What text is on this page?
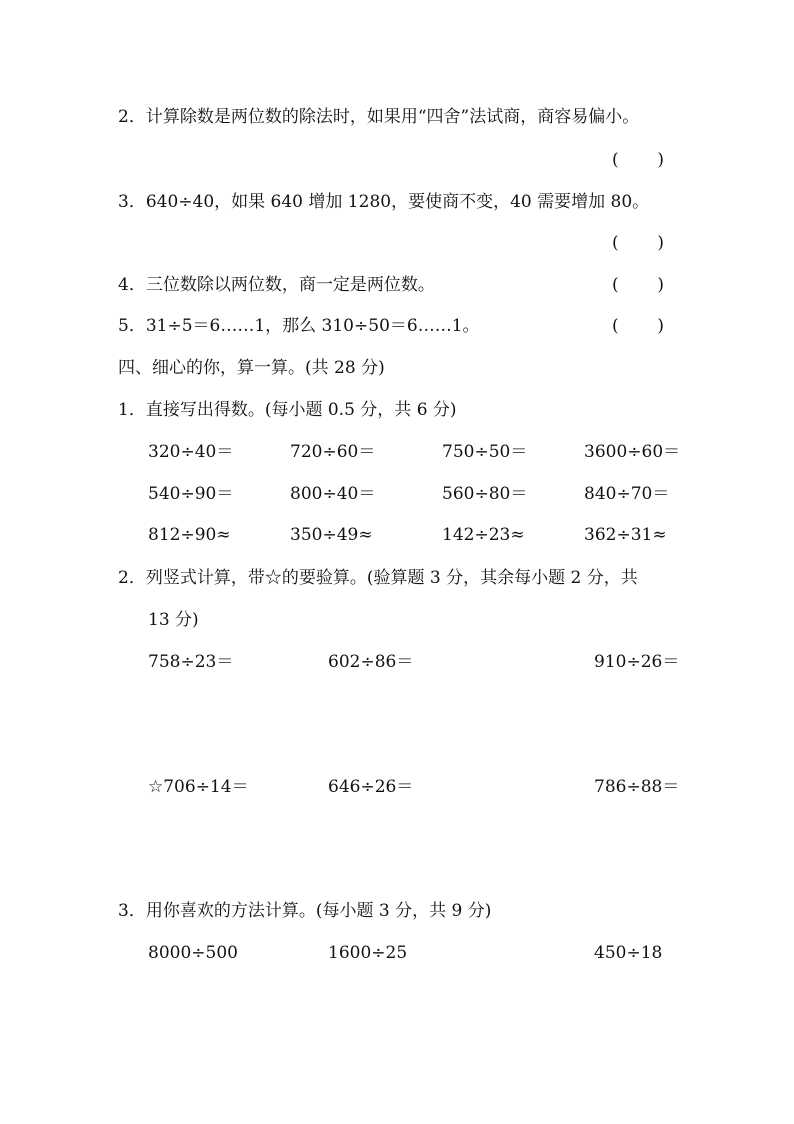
2．计算除数是两位数的除法时，如果用“四舍”法试商，商容易偏小。
( )
3．640÷40，如果 640 增加 1280，要使商不变，40 需要增加 80。
( )
4．三位数除以两位数，商一定是两位数。	( )
5．31÷5＝6……1，那么 310÷50＝6……1。	( )
四、细心的你，算一算。(共 28 分)
1．直接写出得数。(每小题 0.5 分，共 6 分)
320÷40＝	720÷60＝	750÷50＝	3600÷60＝
540÷90＝	800÷40＝	560÷80＝	840÷70＝
812÷90≈	350÷49≈	142÷23≈	362÷31≈
2．列竖式计算，带☆的要验算。(验算题 3 分，其余每小题 2 分，共
13 分)
758÷23＝	602÷86＝	910÷26＝
☆706÷14＝	646÷26＝	786÷88＝
3．用你喜欢的方法计算。(每小题 3 分，共 9 分)
8000÷500	1600÷25	450÷18
